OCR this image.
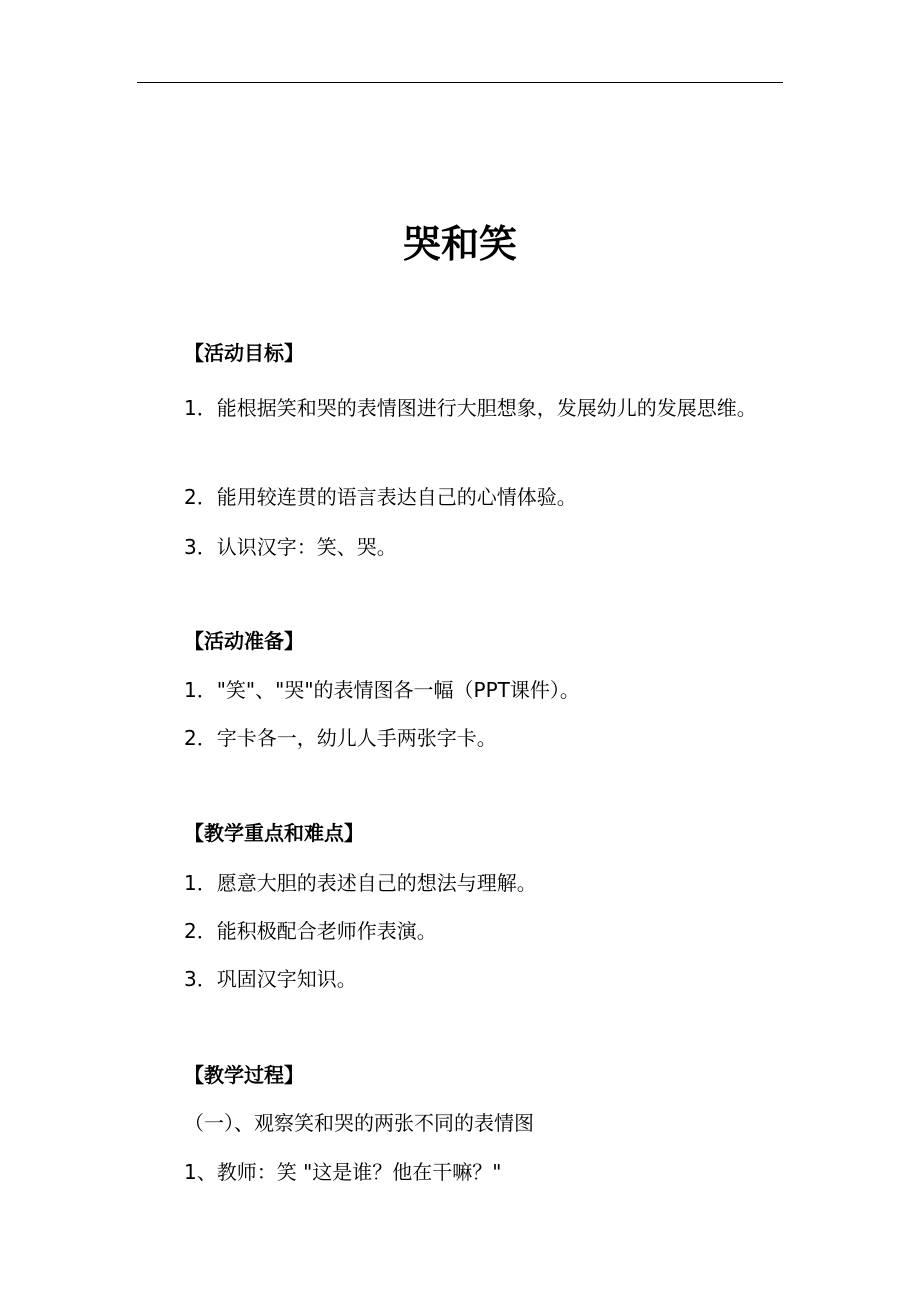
哭和笑
【活动目标】
1．能根据笑和哭的表情图进行大胆想象，发展幼儿的发展思维。
2．能用较连贯的语言表达自己的心情体验。
3．认识汉字：笑、哭。
【活动准备】
1．"笑"、"哭"的表情图各一幅（PPT课件）。
2．字卡各一，幼儿人手两张字卡。
【教学重点和难点】
1．愿意大胆的表述自己的想法与理解。
2．能积极配合老师作表演。
3．巩固汉字知识。
【教学过程】
（一）、观察笑和哭的两张不同的表情图
1、教师：笑 "这是谁？他在干嘛？"
